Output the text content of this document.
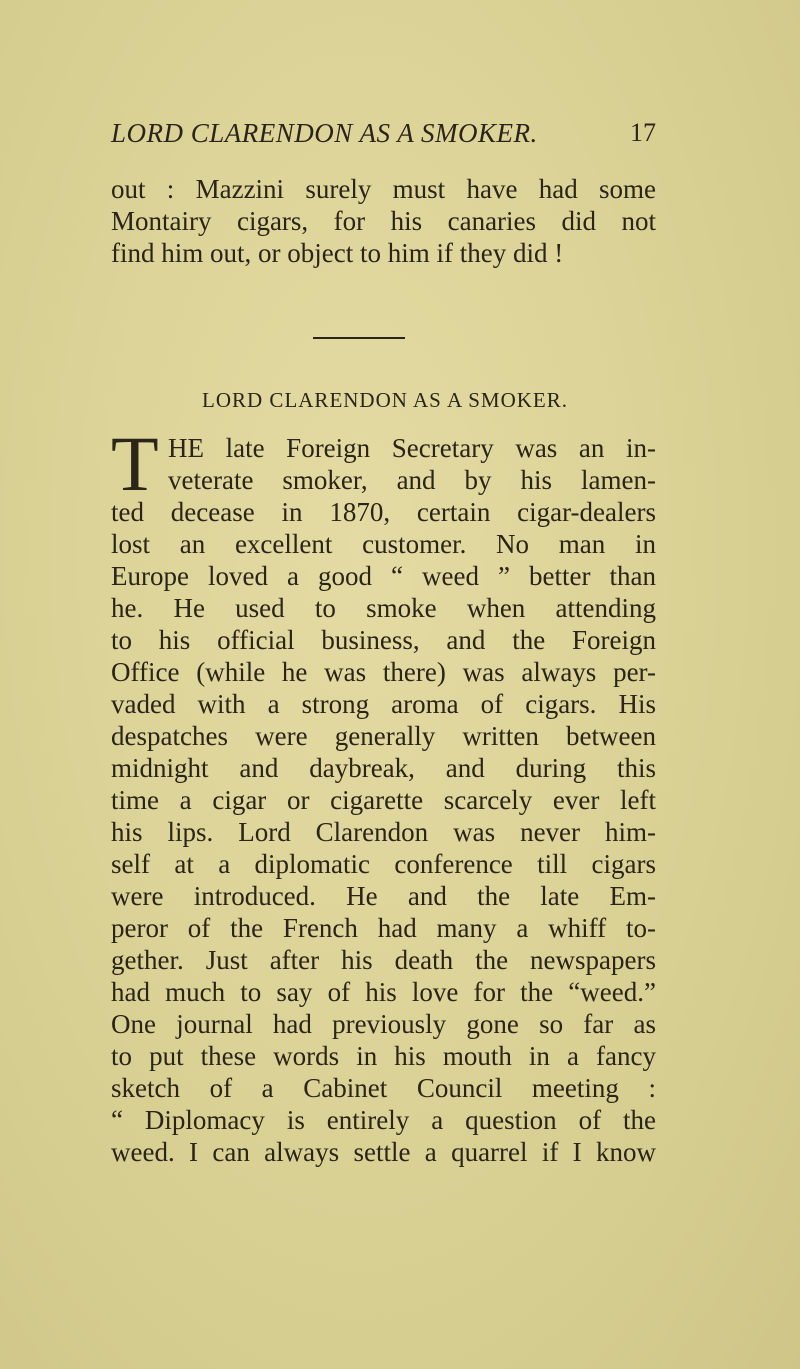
LORD CLARENDON AS A SMOKER.	17
out : Mazzini surely must have had some
Montairy cigars, for his canaries did not
find him out, or object to him if they did !
LORD CLARENDON AS A SMOKER.
T HE late Foreign Secretary was an in-
veterate smoker, and by his lamen-
ted decease in 1870, certain cigar-dealers
lost an excellent customer. No man in
Europe loved a good “ weed ” better than
he. He used to smoke when attending
to his official business, and the Foreign
Office (while he was there) was always per-
vaded with a strong aroma of cigars. His
despatches were generally written between
midnight and daybreak, and during this
time a cigar or cigarette scarcely ever left
his lips. Lord Clarendon was never him-
self at a diplomatic conference till cigars
were introduced. He and the late Em-
peror of the French had many a whiff to-
gether. Just after his death the newspapers
had much to say of his love for the “weed.”
One journal had previously gone so far as
to put these words in his mouth in a fancy
sketch of a Cabinet Council meeting :
“ Diplomacy is entirely a question of the
weed. I can always settle a quarrel if I know
